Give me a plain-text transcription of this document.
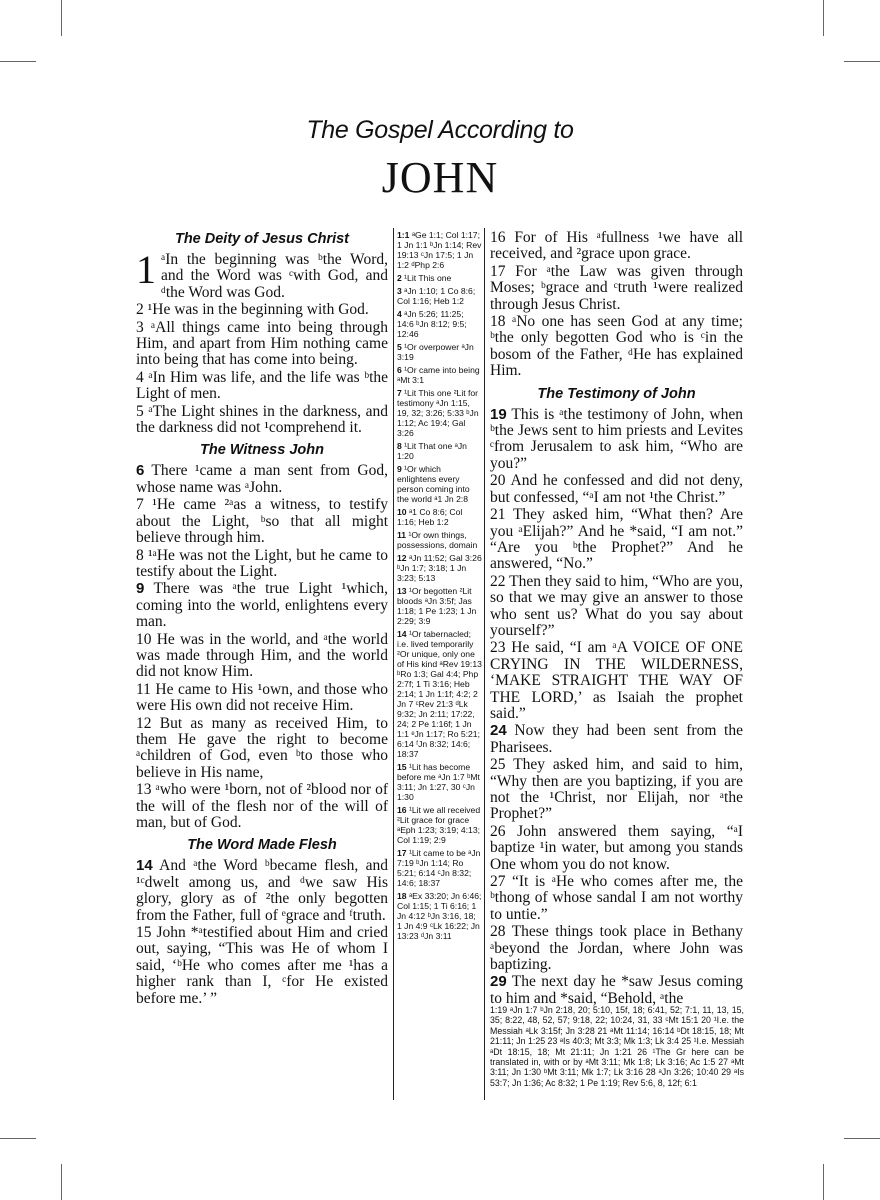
The Gospel According to
JOHN
The Deity of Jesus Christ

1 ᵃIn the beginning was ᵇthe Word, and the Word was ᶜwith God, and ᵈthe Word was God.

2 ¹He was in the beginning with God.

3 ᵃAll things came into being through Him, and apart from Him nothing came into being that has come into being.

4 ᵃIn Him was life, and the life was ᵇthe Light of men.

5 ᵃThe Light shines in the darkness, and the darkness did not ¹comprehend it.

The Witness John

6 There ¹came a man sent from God, whose name was ᵃJohn.

7 ¹He came ²ᵃas a witness, to testify about the Light, ᵇso that all might believe through him.

8 ¹ᵃHe was not the Light, but he came to testify about the Light.

9 There was ᵃthe true Light ¹which, coming into the world, enlightens every man.

10 He was in the world, and ᵃthe world was made through Him, and the world did not know Him.

11 He came to His ¹own, and those who were His own did not receive Him.

12 But as many as received Him, to them He gave the right to become ᵃchildren of God, even ᵇto those who believe in His name,

13 ᵃwho were ¹born, not of ²blood nor of the will of the flesh nor of the will of man, but of God.

The Word Made Flesh

14 And ᵃthe Word ᵇbecame flesh, and ¹ᶜdwelt among us, and ᵈwe saw His glory, glory as of ²the only begotten from the Father, full of ᵉgrace and ᶠtruth.

15 John *ᵃtestified about Him and cried out, saying, “This was He of whom I said, ‘ᵇHe who comes after me ¹has a higher rank than I, ᶜfor He existed before me.’ ”

1:1 ᵃGe 1:1; Col 1:17; 1 Jn 1:1 ᵇJn 1:14; Rev 19:13 ᶜJn 17:5; 1 Jn 1:2 ᵈPhp 2:6
2 ¹Lit This one
3 ᵃJn 1:10; 1 Co 8:6; Col 1:16; Heb 1:2
4 ᵃJn 5:26; 11:25; 14:6 ᵇJn 8:12; 9:5; 12:46
5 ¹Or overpower ᵃJn 3:19
6 ¹Or came into being ᵃMt 3:1
7 ¹Lit This one ²Lit for testimony ᵃJn 1:15, 19, 32; 3:26; 5:33 ᵇJn 1:12; Ac 19:4; Gal 3:26
8 ¹Lit That one ᵃJn 1:20
9 ¹Or which enlightens every person coming into the world ᵃ1 Jn 2:8
10 ᵃ1 Co 8:6; Col 1:16; Heb 1:2
11 ¹Or own things, possessions, domain
12 ᵃJn 11:52; Gal 3:26 ᵇJn 1:7; 3:18; 1 Jn 3:23; 5:13
13 ¹Or begotten ²Lit bloods ᵃJn 3:5f; Jas 1:18; 1 Pe 1:23; 1 Jn 2:29; 3:9
14 ¹Or tabernacled; i.e. lived temporarily ²Or unique, only one of His kind ᵃRev 19:13 ᵇRo 1:3; Gal 4:4; Php 2:7f; 1 Ti 3:16; Heb 2:14; 1 Jn 1:1f; 4:2; 2 Jn 7 ᶜRev 21:3 ᵈLk 9:32; Jn 2:11; 17:22, 24; 2 Pe 1:16f; 1 Jn 1:1 ᵉJn 1:17; Ro 5:21; 6:14 ᶠJn 8:32; 14:6; 18:37
15 ¹Lit has become before me ᵃJn 1:7 ᵇMt 3:11; Jn 1:27, 30 ᶜJn 1:30
16 ¹Lit we all received ²Lit grace for grace ᵃEph 1:23; 3:19; 4:13; Col 1:19; 2:9
17 ¹Lit came to be ᵃJn 7:19 ᵇJn 1:14; Ro 5:21; 6:14 ᶜJn 8:32; 14:6; 18:37
18 ᵃEx 33:20; Jn 6:46; Col 1:15; 1 Ti 6:16; 1 Jn 4:12 ᵇJn 3:16, 18; 1 Jn 4:9 ᶜLk 16:22; Jn 13:23 ᵈJn 3:11

16 For of His ᵃfullness ¹we have all received, and ²grace upon grace.

17 For ᵃthe Law was given through Moses; ᵇgrace and ᶜtruth ¹were realized through Jesus Christ.

18 ᵃNo one has seen God at any time; ᵇthe only begotten God who is ᶜin the bosom of the Father, ᵈHe has explained Him.

The Testimony of John

19 This is ᵃthe testimony of John, when ᵇthe Jews sent to him priests and Levites ᶜfrom Jerusalem to ask him, “Who are you?”

20 And he confessed and did not deny, but confessed, “ᵃI am not ¹the Christ.”

21 They asked him, “What then? Are you ᵃElijah?” And he *said, “I am not.” “Are you ᵇthe Prophet?” And he answered, “No.”

22 Then they said to him, “Who are you, so that we may give an answer to those who sent us? What do you say about yourself?”

23 He said, “I am ᵃA VOICE OF ONE CRYING IN THE WILDERNESS, ‘MAKE STRAIGHT THE WAY OF THE LORD,’ as Isaiah the prophet said.”

24 Now they had been sent from the Pharisees.

25 They asked him, and said to him, “Why then are you baptizing, if you are not the ¹Christ, nor Elijah, nor ᵃthe Prophet?”

26 John answered them saying, “ᵃI baptize ¹in water, but among you stands One whom you do not know.

27 “It is ᵃHe who comes after me, the ᵇthong of whose sandal I am not worthy to untie.”

28 These things took place in Bethany ᵃbeyond the Jordan, where John was baptizing.

29 The next day he *saw Jesus coming to him and *said, “Behold, ᵃthe

1:19 ᵃJn 1:7 ᵇJn 2:18, 20; 5:10, 15f, 18; 6:41, 52; 7:1, 11, 13, 15, 35; 8:22, 48, 52, 57; 9:18, 22; 10:24, 31, 33 ᶜMt 15:1 20 ¹I.e. the Messiah ᵃLk 3:15f; Jn 3:28 21 ᵃMt 11:14; 16:14 ᵇDt 18:15, 18; Mt 21:11; Jn 1:25 23 ᵃIs 40:3; Mt 3:3; Mk 1:3; Lk 3:4 25 ¹I.e. Messiah ᵃDt 18:15, 18; Mt 21:11; Jn 1:21 26 ¹The Gr here can be translated in, with or by ᵃMt 3:11; Mk 1:8; Lk 3:16; Ac 1:5 27 ᵃMt 3:11; Jn 1:30 ᵇMt 3:11; Mk 1:7; Lk 3:16 28 ᵃJn 3:26; 10:40 29 ᵃIs 53:7; Jn 1:36; Ac 8:32; 1 Pe 1:19; Rev 5:6, 8, 12f; 6:1
